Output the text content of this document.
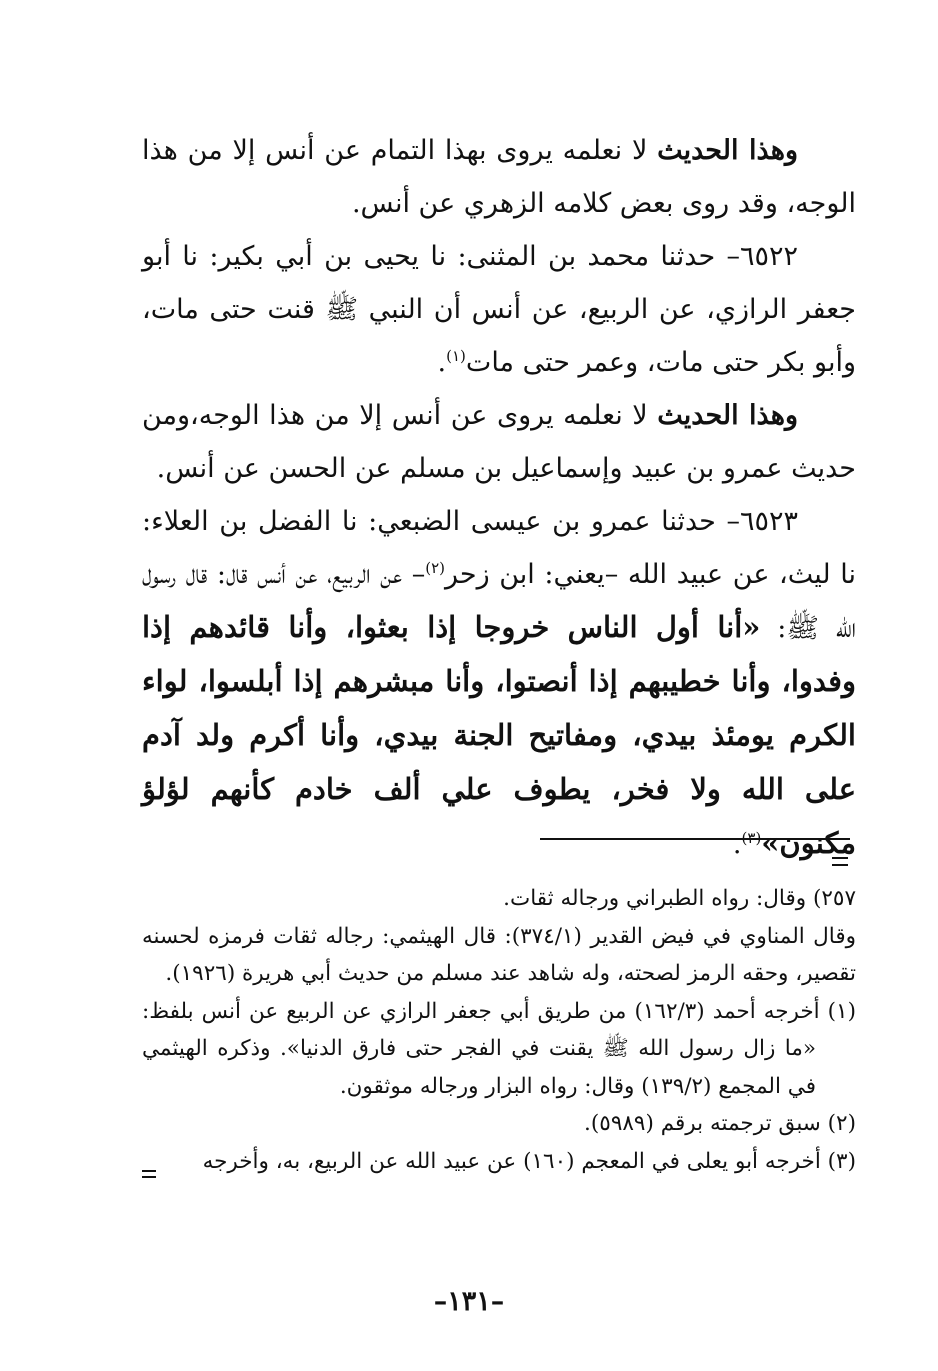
وهذا الحديث لا نعلمه يروى بهذا التمام عن أنس إلا من هذا الوجه، وقد روى بعض كلامه الزهري عن أنس.

٦٥٢٢– حدثنا محمد بن المثنى: نا يحيى بن أبي بكير: نا أبو جعفر الرازي، عن الربيع، عن أنس أن النبي ﷺ قنت حتى مات، وأبو بكر حتى مات، وعمر حتى مات$^{(١)}$.

وهذا الحديث لا نعلمه يروى عن أنس إلا من هذا الوجه،ومن حديث عمرو بن عبيد وإسماعيل بن مسلم عن الحسن عن أنس.

٦٥٢٣– حدثنا عمرو بن عيسى الضبعي: نا الفضل بن العلاء: نا ليث، عن عبيد الله –يعني: ابن زحر$^{(٢)}$– عن الربيع، عن أنس قال: قال رسول الله ﷺ: «أنا أول الناس خروجا إذا بعثوا، وأنا قائدهم إذا وفدوا، وأنا خطيبهم إذا أنصتوا، وأنا مبشرهم إذا أبلسوا، لواء الكرم يومئذ بيدي، ومفاتيح الجنة بيدي، وأنا أكرم ولد آدم على الله ولا فخر، يطوف علي ألف خادم كأنهم لؤلؤ مكنون»$^{(٣)}$.

٢٥٧) وقال: رواه الطبراني ورجاله ثقات.

وقال المناوي في فيض القدير (٣٧٤/١): قال الهيثمي: رجاله ثقات فرمزه لحسنه تقصير، وحقه الرمز لصحته، وله شاهد عند مسلم من حديث أبي هريرة (١٩٢٦).

(١) أخرجه أحمد (١٦٢/٣) من طريق أبي جعفر الرازي عن الربيع عن أنس بلفظ: «ما زال رسول الله ﷺ يقنت في الفجر حتى فارق الدنيا». وذكره الهيثمي في المجمع (١٣٩/٢) وقال: رواه البزار ورجاله موثقون.

(٢) سبق ترجمته برقم (٥٩٨٩).

(٣) أخرجه أبو يعلى في المعجم (١٦٠) عن عبيد الله عن الربيع، به، وأخرجه

–١٣١–
